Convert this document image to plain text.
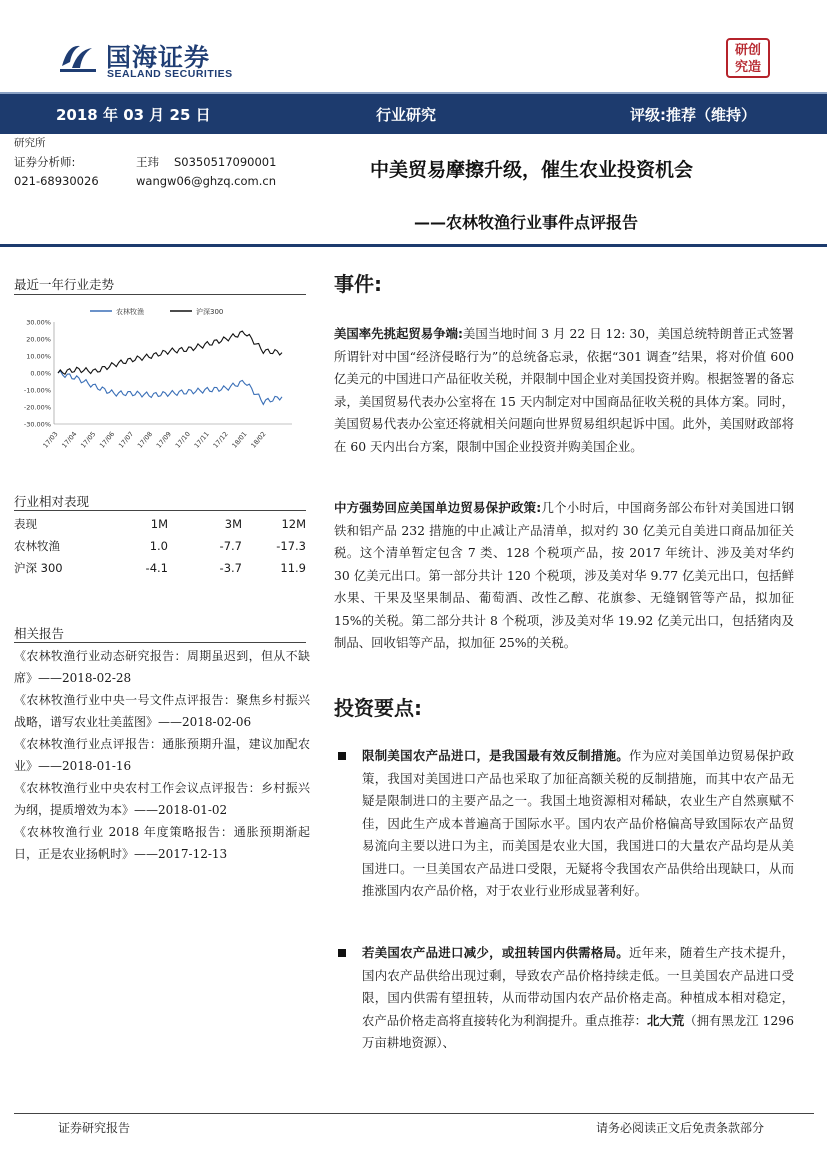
国海证券
SEALAND SECURITIES
研创
究造
2018 年 03 月 25 日	行业研究	评级:推荐（维持）
研究所
证券分析师:	王玮 S0350517090001
021-68930026	wangw06@ghzq.com.cn	中美贸易摩擦升级，催生农业投资机会
——农林牧渔行业事件点评报告
最近一年行业走势
农林牧渔	沪深300
30.00%
20.00%
10.00%
0.00%
-10.00%
-20.00%
-30.00%
17/03 17/04 17/05 17/06 17/07 17/08 17/09 17/10 17/11 17/12 18/01 18/02
行业相对表现
表现	1M	3M	12M
农林牧渔	1.0	-7.7	-17.3
沪深 300	-4.1	-3.7	11.9
相关报告
《农林牧渔行业动态研究报告：周期虽迟到，但从不缺席》——2018-02-28
《农林牧渔行业中央一号文件点评报告：聚焦乡村振兴战略，谱写农业壮美蓝图》——2018-02-06
《农林牧渔行业点评报告：通胀预期升温，建议加配农业》——2018-01-16
《农林牧渔行业中央农村工作会议点评报告：乡村振兴为纲，提质增效为本》——2018-01-02
《农林牧渔行业 2018 年度策略报告：通胀预期渐起日，正是农业扬帆时》——2017-12-13
事件:
美国率先挑起贸易争端:美国当地时间 3 月 22 日 12: 30，美国总统特朗普正式签署所谓针对中国“经济侵略行为”的总统备忘录，依据“301 调查”结果，将对价值 600 亿美元的中国进口产品征收关税，并限制中国企业对美国投资并购。根据签署的备忘录，美国贸易代表办公室将在 15 天内制定对中国商品征收关税的具体方案。同时，美国贸易代表办公室还将就相关问题向世界贸易组织起诉中国。此外，美国财政部将在 60 天内出台方案，限制中国企业投资并购美国企业。
中方强势回应美国单边贸易保护政策:几个小时后，中国商务部公布针对美国进口钢铁和铝产品 232 措施的中止减让产品清单，拟对约 30 亿美元自美进口商品加征关税。这个清单暂定包含 7 类、128 个税项产品，按 2017 年统计、涉及美对华约 30 亿美元出口。第一部分共计 120 个税项，涉及美对华 9.77 亿美元出口，包括鲜水果、干果及坚果制品、葡萄酒、改性乙醇、花旗参、无缝钢管等产品，拟加征 15%的关税。第二部分共计 8 个税项，涉及美对华 19.92 亿美元出口，包括猪肉及制品、回收铝等产品，拟加征 25%的关税。
投资要点:
限制美国农产品进口，是我国最有效反制措施。作为应对美国单边贸易保护政策，我国对美国进口产品也采取了加征高额关税的反制措施，而其中农产品无疑是限制进口的主要产品之一。我国土地资源相对稀缺，农业生产自然禀赋不佳，因此生产成本普遍高于国际水平。国内农产品价格偏高导致国际农产品贸易流向主要以进口为主，而美国是农业大国，我国进口的大量农产品均是从美国进口。一旦美国农产品进口受限，无疑将令我国农产品供给出现缺口，从而推涨国内农产品价格，对于农业行业形成显著利好。
若美国农产品进口减少，或扭转国内供需格局。近年来，随着生产技术提升，国内农产品供给出现过剩，导致农产品价格持续走低。一旦美国农产品进口受限，国内供需有望扭转，从而带动国内农产品价格走高。种植成本相对稳定，农产品价格走高将直接转化为利润提升。重点推荐：北大荒（拥有黑龙江 1296 万亩耕地资源）、
证券研究报告	请务必阅读正文后免责条款部分
